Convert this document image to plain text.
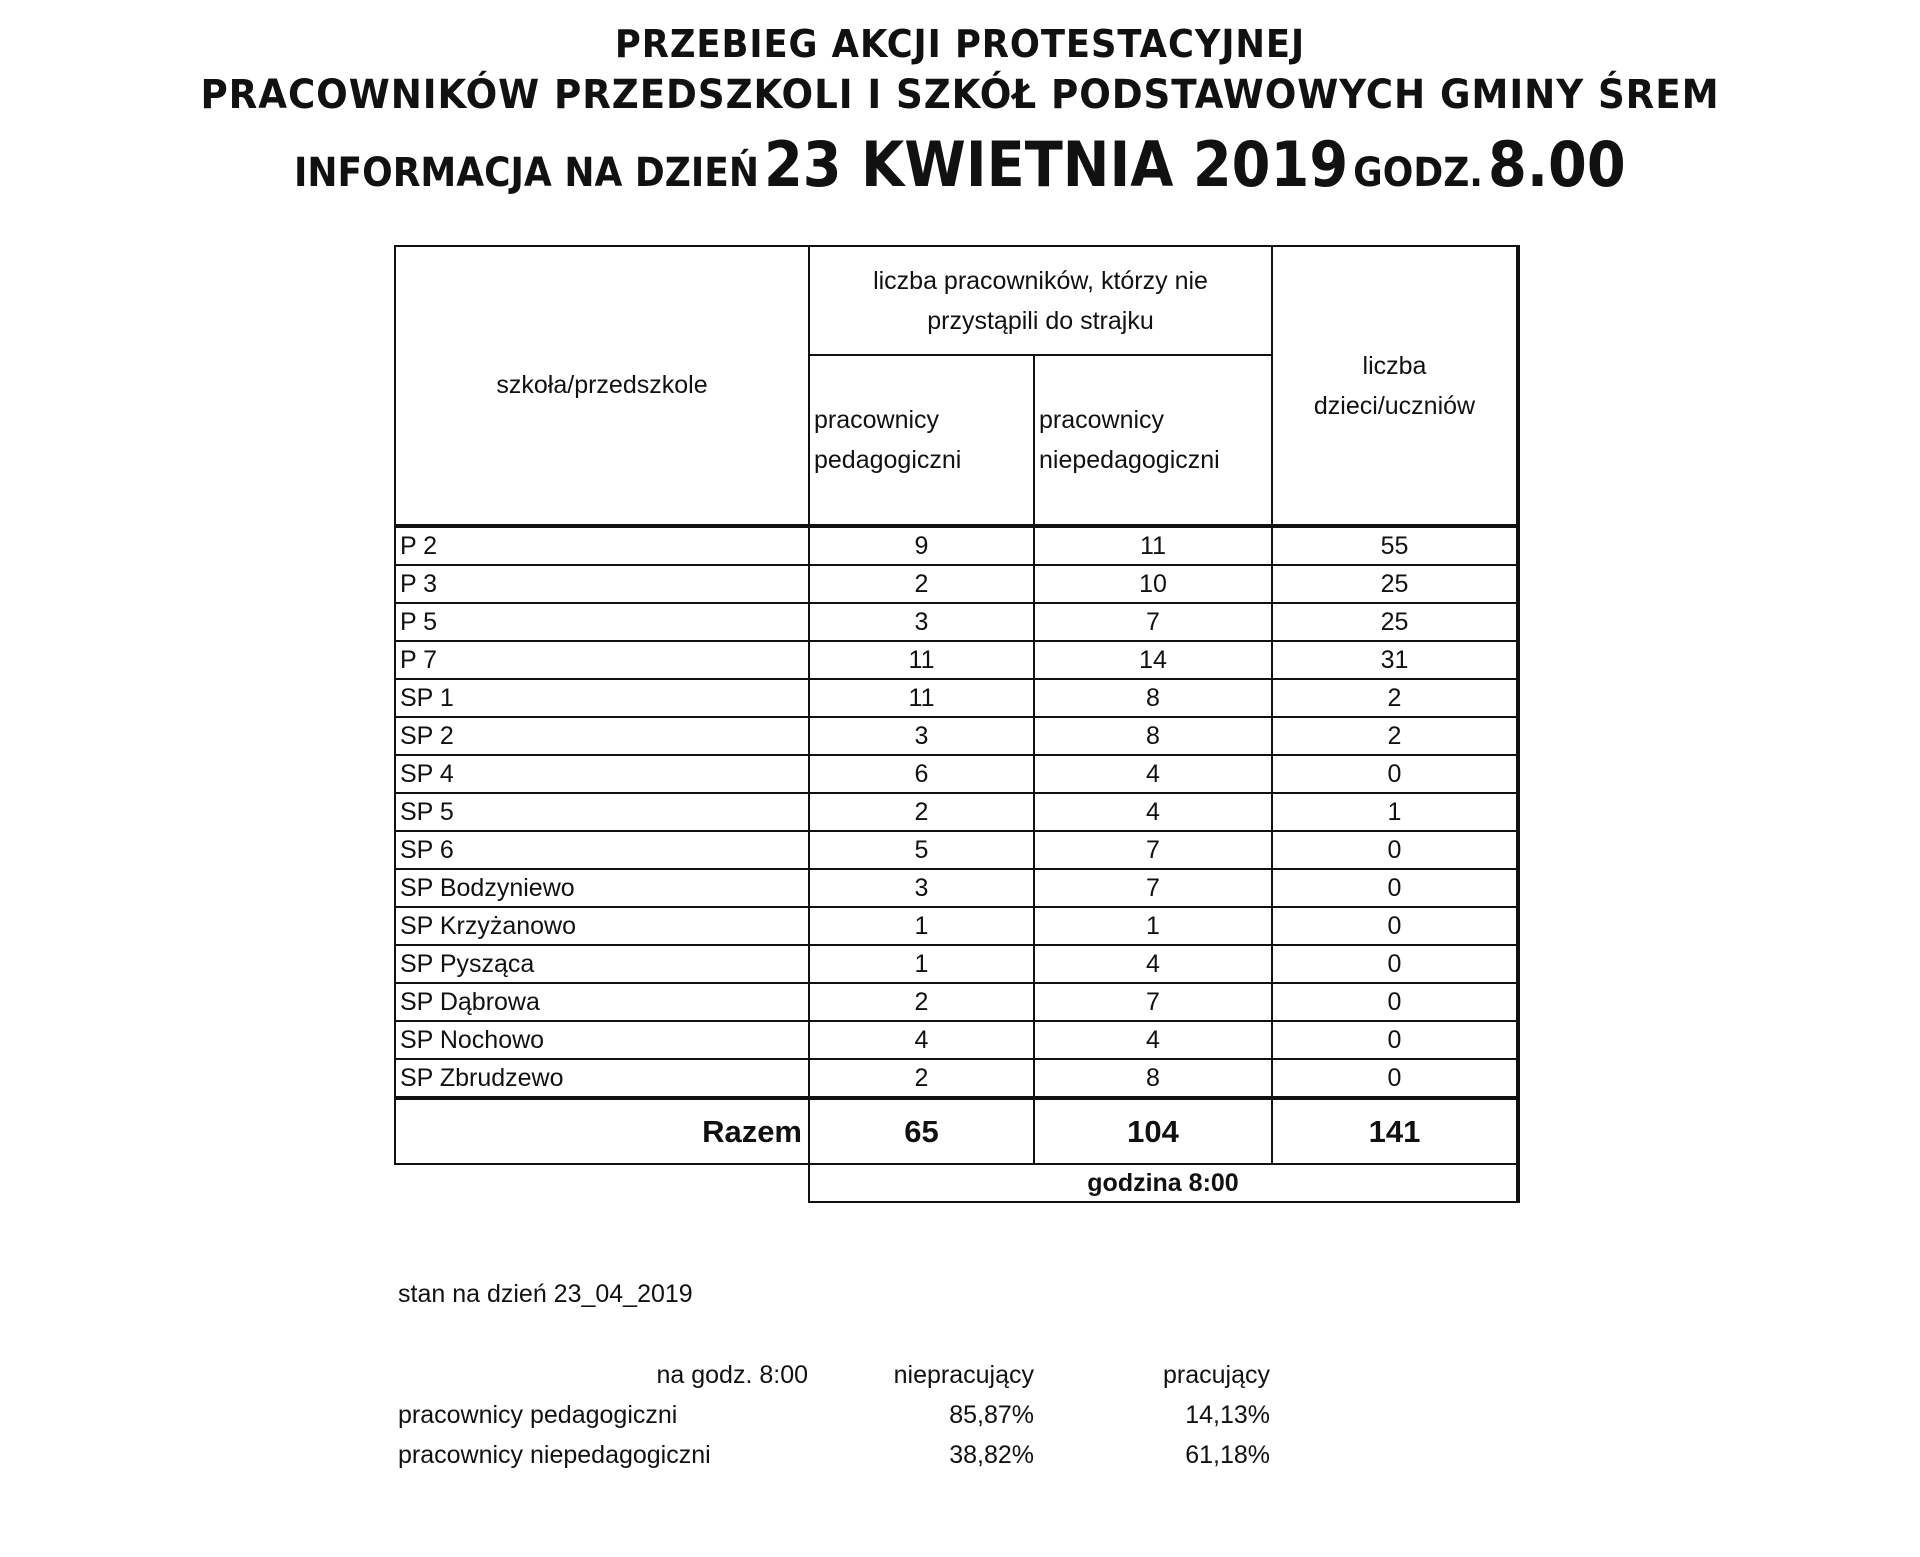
PRZEBIEG AKCJI PROTESTACYJNEJ
PRACOWNIKÓW PRZEDSZKOLI I SZKÓŁ PODSTAWOWYCH GMINY ŚREM
INFORMACJA NA DZIEŃ 23 KWIETNIA 2019 GODZ. 8.00
szkoła/przedszkole	liczba pracowników, którzy nie przystąpili do strajku		liczba dzieci/uczniów

	pracownicy pedagogiczni	pracownicy niepedagogiczni	

P 2	9	11	55
P 3	2	10	25
P 5	3	7	25
P 7	11	14	31
SP 1	11	8	2
SP 2	3	8	2
SP 4	6	4	0
SP 5	2	4	1
SP 6	5	7	0
SP Bodzyniewo	3	7	0
SP Krzyżanowo	1	1	0
SP Pysząca	1	4	0
SP Dąbrowa	2	7	0
SP Nochowo	4	4	0
SP Zbrudzewo	2	8	0
Razem	65	104	141
	godzina 8:00		
stan na dzień 23_04_2019
na godz. 8:00	niepracujący	pracujący
pracownicy pedagogiczni	85,87%	14,13%
pracownicy niepedagogiczni	38,82%	61,18%
